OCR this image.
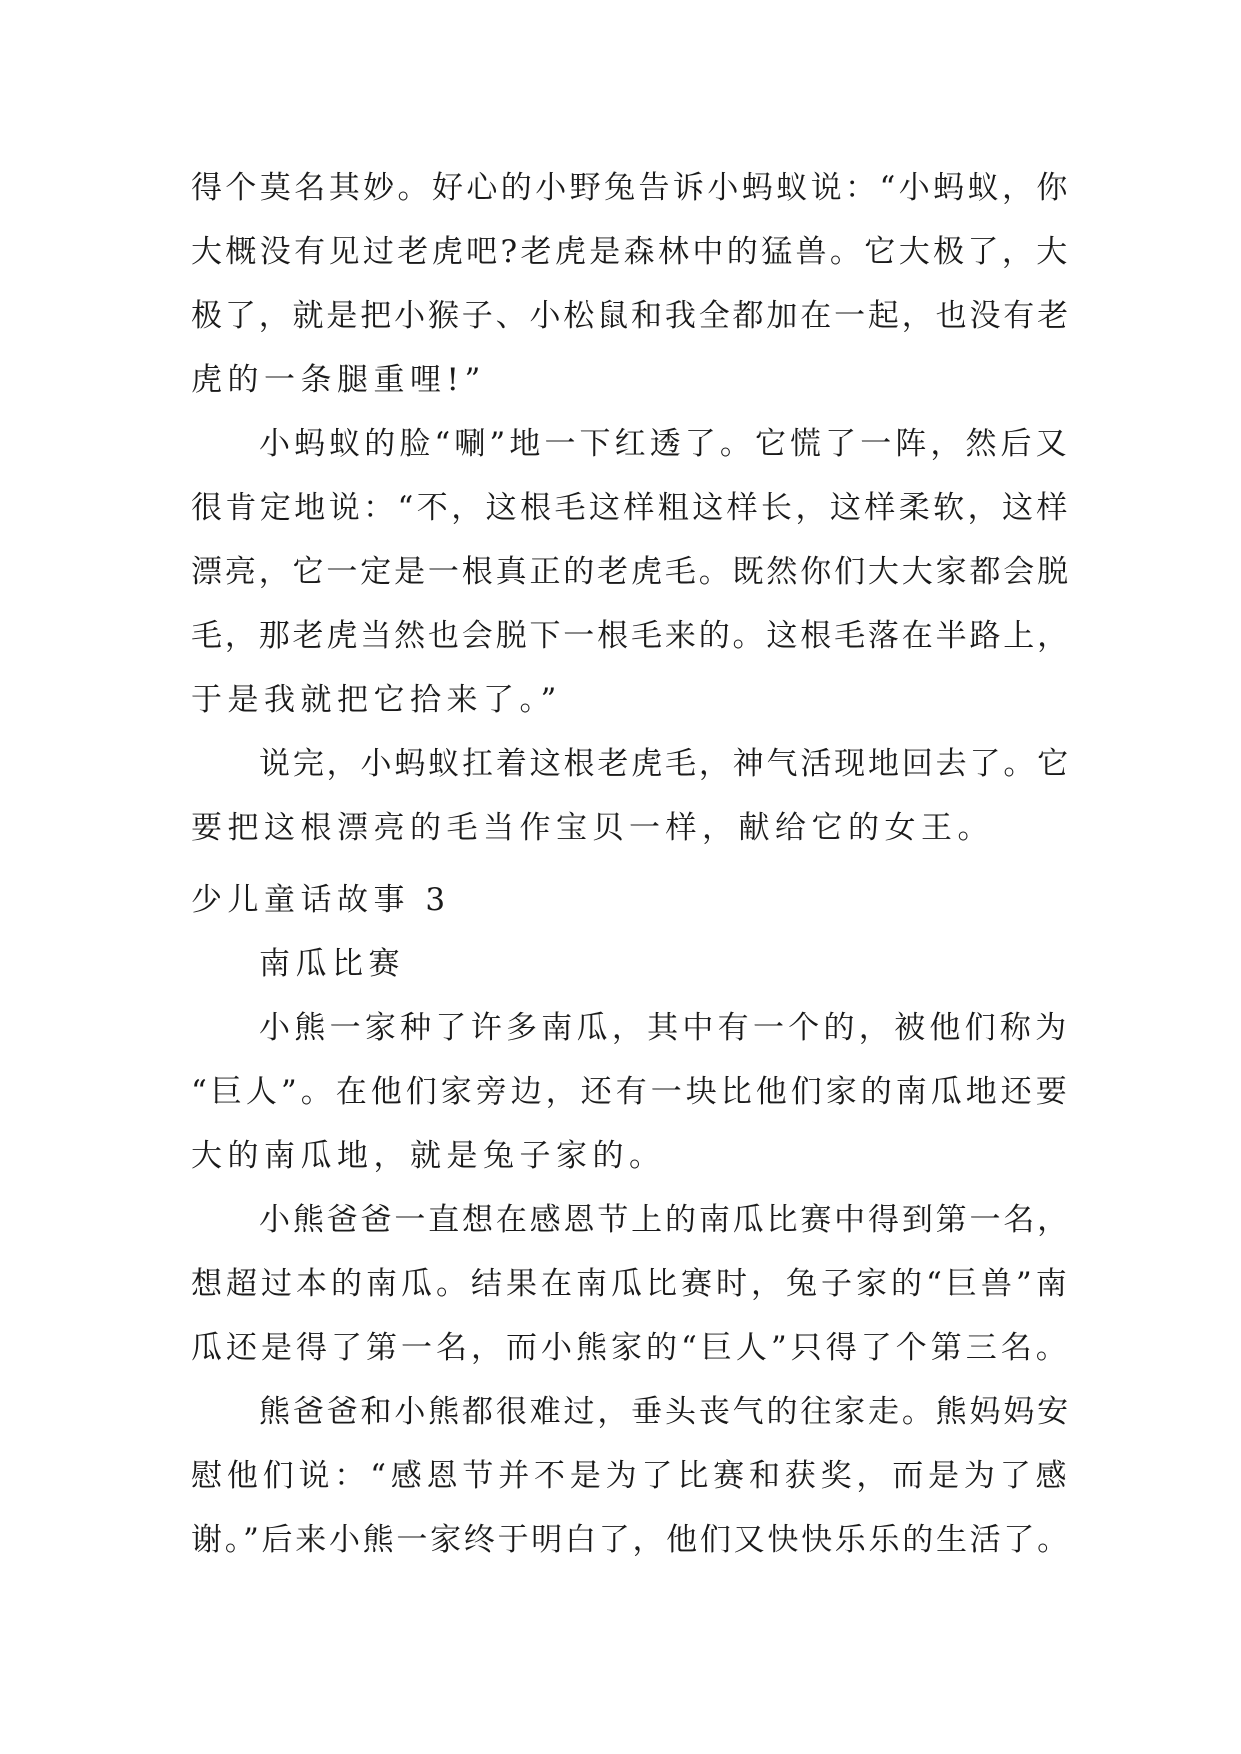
得个莫名其妙。好心的小野兔告诉小蚂蚁说：“小蚂蚁，你
大概没有见过老虎吧?老虎是森林中的猛兽。它大极了，大
极了，就是把小猴子、小松鼠和我全都加在一起，也没有老
虎的一条腿重哩!”
小蚂蚁的脸“唰”地一下红透了。它慌了一阵，然后又
很肯定地说：“不，这根毛这样粗这样长，这样柔软，这样
漂亮，它一定是一根真正的老虎毛。既然你们大大家都会脱
毛，那老虎当然也会脱下一根毛来的。这根毛落在半路上，
于是我就把它拾来了。”
说完，小蚂蚁扛着这根老虎毛，神气活现地回去了。它
要把这根漂亮的毛当作宝贝一样，献给它的女王。
少儿童话故事 3
南瓜比赛
小熊一家种了许多南瓜，其中有一个的，被他们称为
“巨人”。在他们家旁边，还有一块比他们家的南瓜地还要
大的南瓜地，就是兔子家的。
小熊爸爸一直想在感恩节上的南瓜比赛中得到第一名，
想超过本的南瓜。结果在南瓜比赛时，兔子家的“巨兽”南
瓜还是得了第一名，而小熊家的“巨人”只得了个第三名。
熊爸爸和小熊都很难过，垂头丧气的往家走。熊妈妈安
慰他们说：“感恩节并不是为了比赛和获奖，而是为了感
谢。”后来小熊一家终于明白了，他们又快快乐乐的生活了。
